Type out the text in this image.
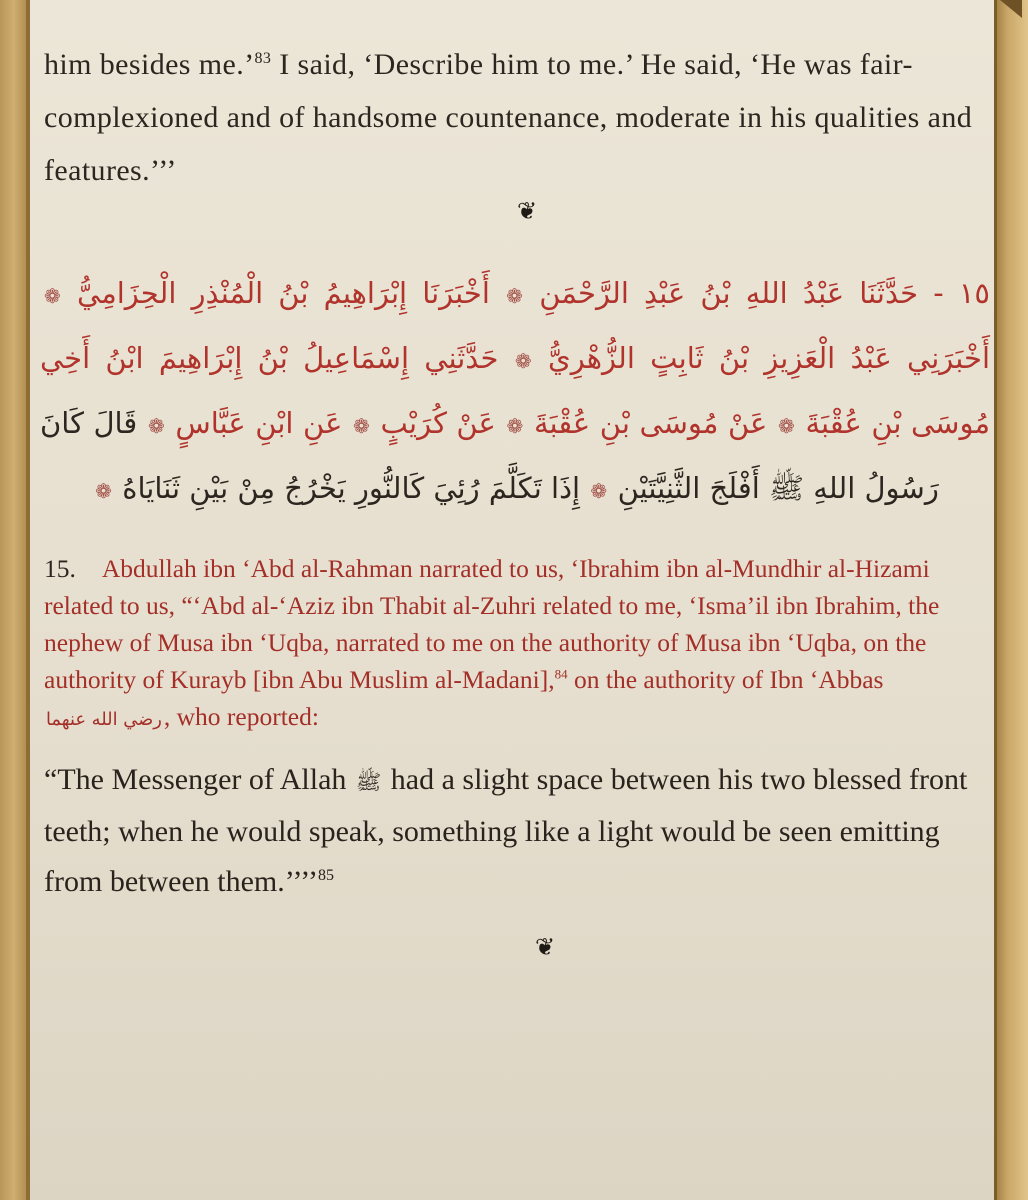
him besides me.’$^{83}$ I said, ‘Describe him to me.’ He said, ‘He was fair-complexioned and of handsome countenance, moderate in his qualities and features.’’’

❦
١٥ - حَدَّثَنَا عَبْدُ اللهِ بْنُ عَبْدِ الرَّحْمَنِ ❁ أَخْبَرَنَا إِبْرَاهِيمُ بْنُ الْمُنْذِرِ الْحِزَامِيُّ ❁ أَخْبَرَنِي عَبْدُ الْعَزِيزِ بْنُ ثَابِتٍ الزُّهْرِيُّ ❁ حَدَّثَنِي إِسْمَاعِيلُ بْنُ إِبْرَاهِيمَ ابْنُ أَخِي مُوسَى بْنِ عُقْبَةَ ❁ عَنْ مُوسَى بْنِ عُقْبَةَ ❁ عَنْ كُرَيْبٍ ❁ عَنِ ابْنِ عَبَّاسٍ ❁ قَالَ كَانَ رَسُولُ اللهِ ﷺ أَفْلَجَ الثَّنِيَّتَيْنِ ❁ إِذَا تَكَلَّمَ رُئِيَ كَالنُّورِ يَخْرُجُ مِنْ بَيْنِ ثَنَايَاهُ ❁

15. Abdullah ibn ‘Abd al-Rahman narrated to us, ‘Ibrahim ibn al-Mundhir al-Hizami related to us, “‘Abd al-‘Aziz ibn Thabit al-Zuhri related to me, ‘Isma’il ibn Ibrahim, the nephew of Musa ibn ‘Uqba, narrated to me on the authority of Musa ibn ‘Uqba, on the authority of Kurayb [ibn Abu Muslim al-Madani],$^{84}$ on the authority of Ibn ‘Abbas رضي الله عنهما, who reported:

“The Messenger of Allah ﷺ had a slight space between his two blessed front teeth; when he would speak, something like a light would be seen emitting from between them.’’’’$^{85}$

❦
